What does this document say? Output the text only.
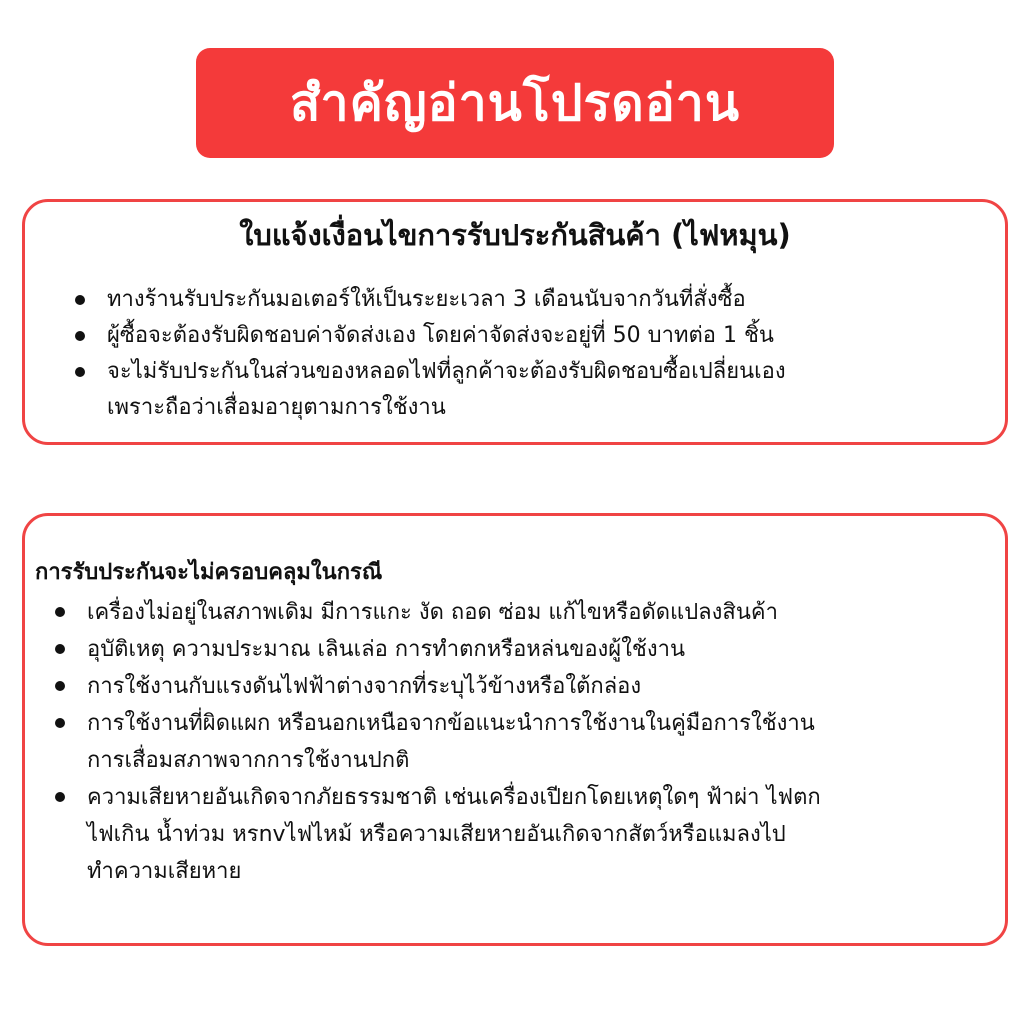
สำคัญอ่านโปรดอ่าน
ใบแจ้งเงื่อนไขการรับประกันสินค้า (ไฟหมุน)
ทางร้านรับประกันมอเตอร์ให้เป็นระยะเวลา 3 เดือนนับจากวันที่สั่งซื้อ
ผู้ซื้อจะต้องรับผิดชอบค่าจัดส่งเอง โดยค่าจัดส่งจะอยู่ที่ 50 บาทต่อ 1 ชิ้น
จะไม่รับประกันในส่วนของหลอดไฟที่ลูกค้าจะต้องรับผิดชอบซื้อเปลี่ยนเอง
เพราะถือว่าเสื่อมอายุตามการใช้งาน
การรับประกันจะไม่ครอบคลุมในกรณี
เครื่องไม่อยู่ในสภาพเดิม มีการแกะ งัด ถอด ซ่อม แก้ไขหรือดัดแปลงสินค้า
อุบัติเหตุ ความประมาณ เลินเล่อ การทำตกหรือหล่นของผู้ใช้งาน
การใช้งานกับแรงดันไฟฟ้าต่างจากที่ระบุไว้ข้างหรือใต้กล่อง
การใช้งานที่ผิดแผก หรือนอกเหนือจากข้อแนะนำการใช้งานในคู่มือการใช้งาน
การเสื่อมสภาพจากการใช้งานปกติ
ความเสียหายอันเกิดจากภัยธรรมชาติ เช่นเครื่องเปียกโดยเหตุใดๆ ฟ้าผ่า ไฟตก
ไฟเกิน น้ำท่วม หรnvไฟไหม้ หรือความเสียหายอันเกิดจากสัตว์หรือแมลงไป
ทำความเสียหาย
